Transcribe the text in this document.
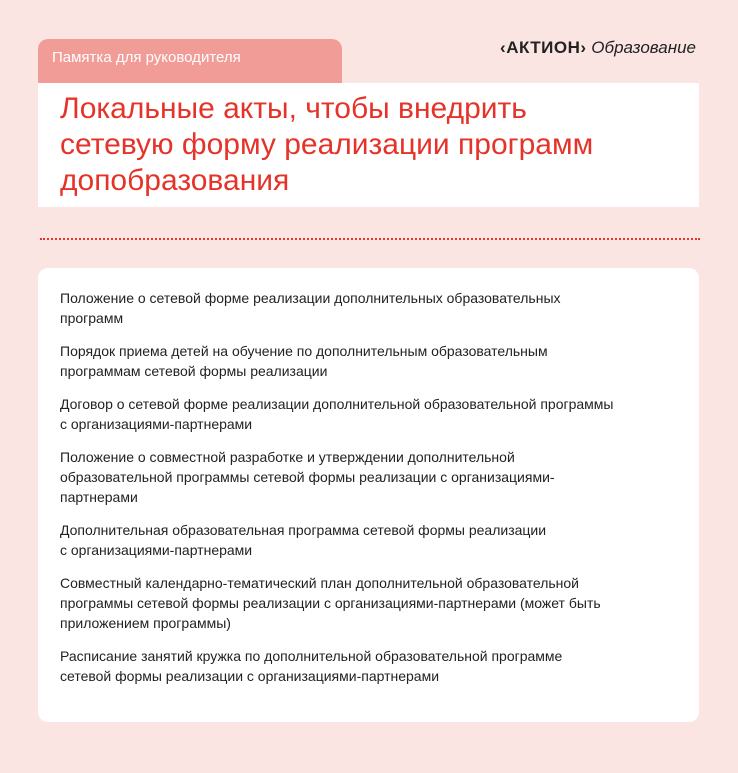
Памятка для руководителя
‹АКТИОН› Образование
Локальные акты, чтобы внедрить
сетевую форму реализации программ
допобразования
Положение о сетевой форме реализации дополнительных образовательных
программ
Порядок приема детей на обучение по дополнительным образовательным
программам сетевой формы реализации
Договор о сетевой форме реализации дополнительной образовательной программы
с организациями-партнерами
Положение о совместной разработке и утверждении дополнительной
образовательной программы сетевой формы реализации с организациями-
партнерами
Дополнительная образовательная программа сетевой формы реализации
с организациями-партнерами
Совместный календарно-тематический план дополнительной образовательной
программы сетевой формы реализации с организациями-партнерами (может быть
приложением программы)
Расписание занятий кружка по дополнительной образовательной программе
сетевой формы реализации с организациями-партнерами
